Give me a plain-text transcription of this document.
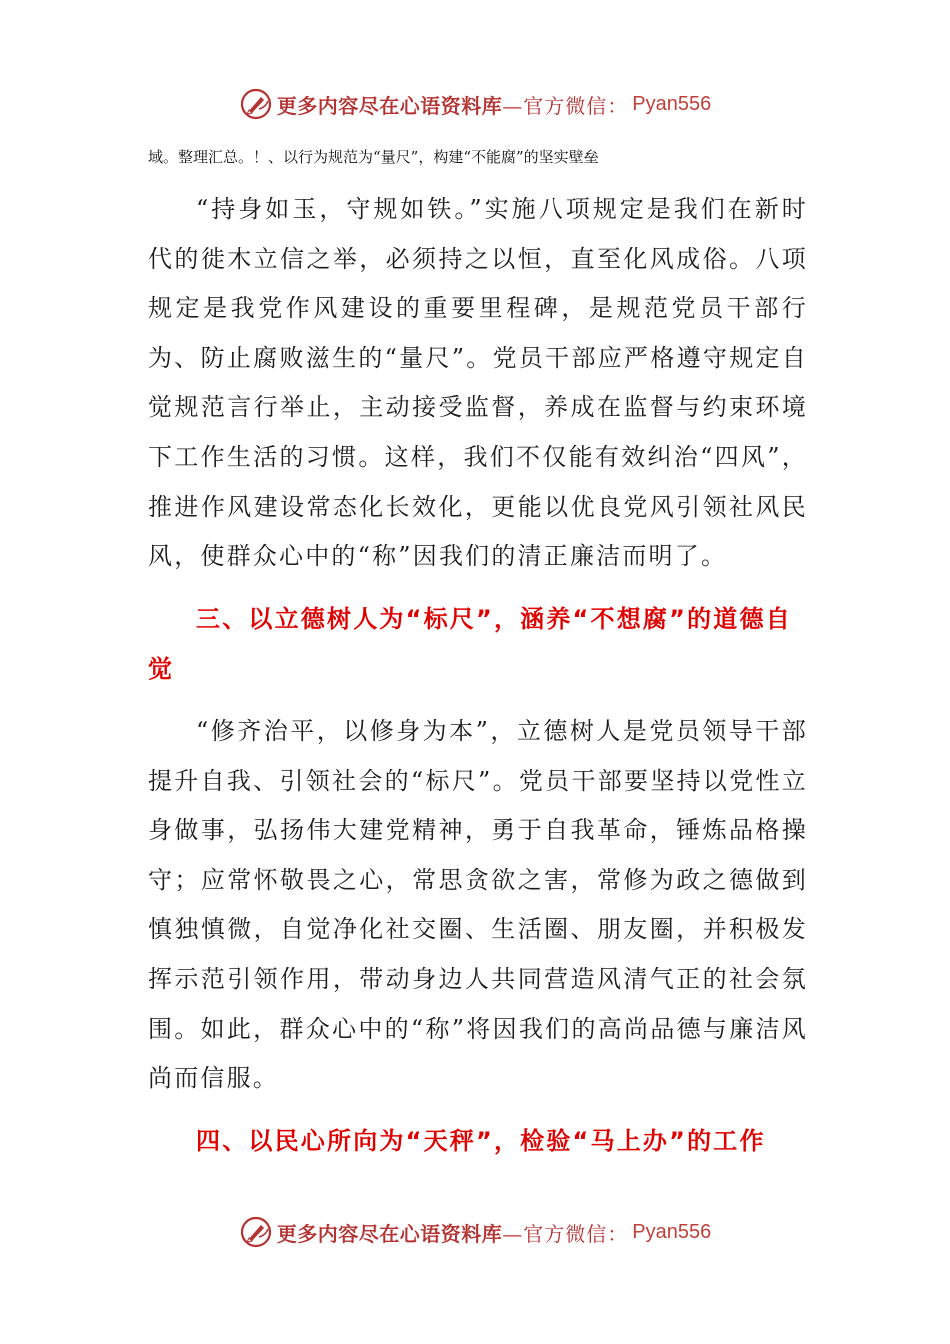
更多内容尽在心语资料库 —官方微信： Pyan556
域。整理汇总。！、以行为规范为“量尺”，构建“不能腐”的坚实壁垒

“持身如玉，守规如铁。”实施八项规定是我们在新时代的徙木立信之举，必须持之以恒，直至化风成俗。八项规定是我党作风建设的重要里程碑，是规范党员干部行为、防止腐败滋生的“量尺”。党员干部应严格遵守规定自觉规范言行举止，主动接受监督，养成在监督与约束环境下工作生活的习惯。这样，我们不仅能有效纠治“四风”，推进作风建设常态化长效化，更能以优良党风引领社风民风，使群众心中的“称”因我们的清正廉洁而明了。

三、以立德树人为“标尺”，涵养“不想腐”的道德自觉

“修齐治平，以修身为本”，立德树人是党员领导干部提升自我、引领社会的“标尺”。党员干部要坚持以党性立身做事，弘扬伟大建党精神，勇于自我革命，锤炼品格操守；应常怀敬畏之心，常思贪欲之害，常修为政之德做到慎独慎微，自觉净化社交圈、生活圈、朋友圈，并积极发挥示范引领作用，带动身边人共同营造风清气正的社会氛围。如此，群众心中的“称”将因我们的高尚品德与廉洁风尚而信服。

四、以民心所向为“天秤”，检验“马上办”的工作

更多内容尽在心语资料库 —官方微信： Pyan556
